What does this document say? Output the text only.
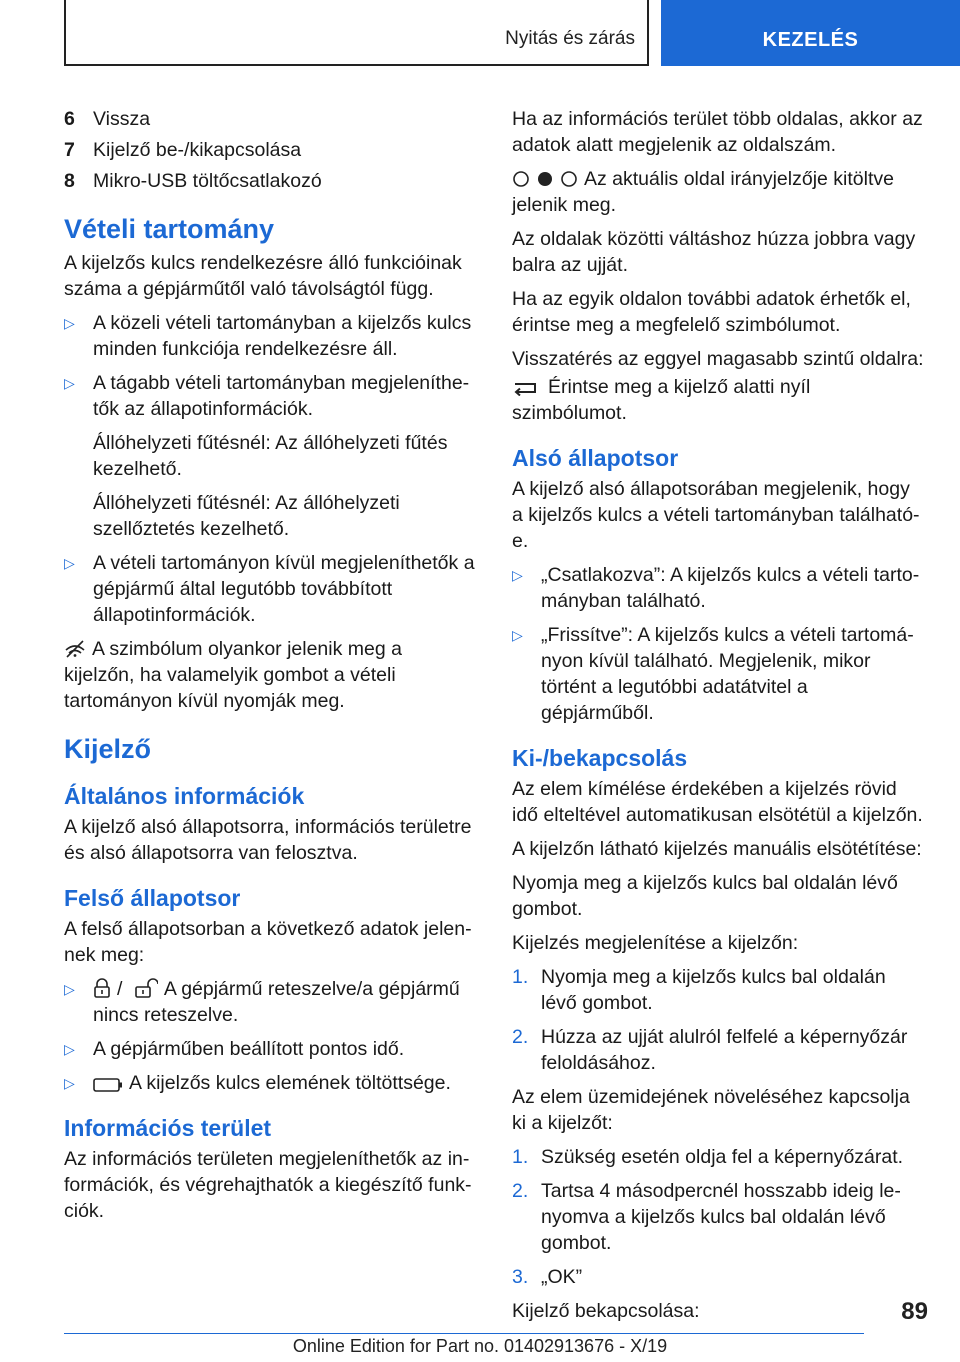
Nyitás és zárás	KEZELÉS
6 Vissza
7 Kijelző be-/kikapcsolása
8 Mikro-USB töltőcsatlakozó
Vételi tartomány

A kijelzős kulcs rendelkezésre álló funkcióinak száma a gépjárműtől való távolságtól függ.

▷ A közeli vételi tartományban a kijelzős kulcs minden funkciója rendelkezésre áll.

▷ A tágabb vételi tartományban megjeleníthetők az állapotinformációk.

Állóhelyzeti fűtésnél: Az állóhelyzeti fűtés kezelhető.

Állóhelyzeti fűtésnél: Az állóhelyzeti szellőztetés kezelhető.

▷ A vételi tartományon kívül megjeleníthetők a gépjármű által legutóbb továbbított állapotinformációk.

A szimbólum olyankor jelenik meg a kijelzőn, ha valamelyik gombot a vételi tartományon kívül nyomják meg.

Kijelző
Általános információk

A kijelző alsó állapotsorra, információs területre és alsó állapotsorra van felosztva.

Felső állapotsor

A felső állapotsorban a következő adatok jelennek meg:

▷	/ A gépjármű reteszelve/a gépjármű nincs reteszelve.

▷ A gépjárműben beállított pontos idő.

▷	A kijelzős kulcs elemének töltöttsége.

Információs terület

Az információs területen megjeleníthetők az információk, és végrehajthatók a kiegészítő funkciók.

Ha az információs terület több oldalas, akkor az adatok alatt megjelenik az oldalszám.

Az aktuális oldal irányjelzője kitöltve jelenik meg.

Az oldalak közötti váltáshoz húzza jobbra vagy balra az ujját.

Ha az egyik oldalon további adatok érhetők el, érintse meg a megfelelő szimbólumot.

Visszatérés az eggyel magasabb szintű oldalra:

Érintse meg a kijelző alatti nyíl szimbólumot.

Alsó állapotsor

A kijelző alsó állapotsorában megjelenik, hogy a kijelzős kulcs a vételi tartományban található-e.

▷ „Csatlakozva”: A kijelzős kulcs a vételi tartományban található.

▷ „Frissítve”: A kijelzős kulcs a vételi tartományon kívül található. Megjelenik, mikor történt a legutóbbi adatátvitel a gépjárműből.

Ki-/bekapcsolás

Az elem kímélése érdekében a kijelzés rövid idő elteltével automatikusan elsötétül a kijelzőn.

A kijelzőn látható kijelzés manuális elsötétítése:

Nyomja meg a kijelzős kulcs bal oldalán lévő gombot.

Kijelzés megjelenítése a kijelzőn:

1. Nyomja meg a kijelzős kulcs bal oldalán lévő gombot.
2. Húzza az ujját alulról felfelé a képernyőzár feloldásához.

Az elem üzemidejének növeléséhez kapcsolja ki a kijelzőt:

1. Szükség esetén oldja fel a képernyőzárat.
2. Tartsa 4 másodpercnél hosszabb ideig lenyomva a kijelzős kulcs bal oldalán lévő gombot.
3. „OK”

Kijelző bekapcsolása:	89
Online Edition for Part no. 01402913676 - X/19
